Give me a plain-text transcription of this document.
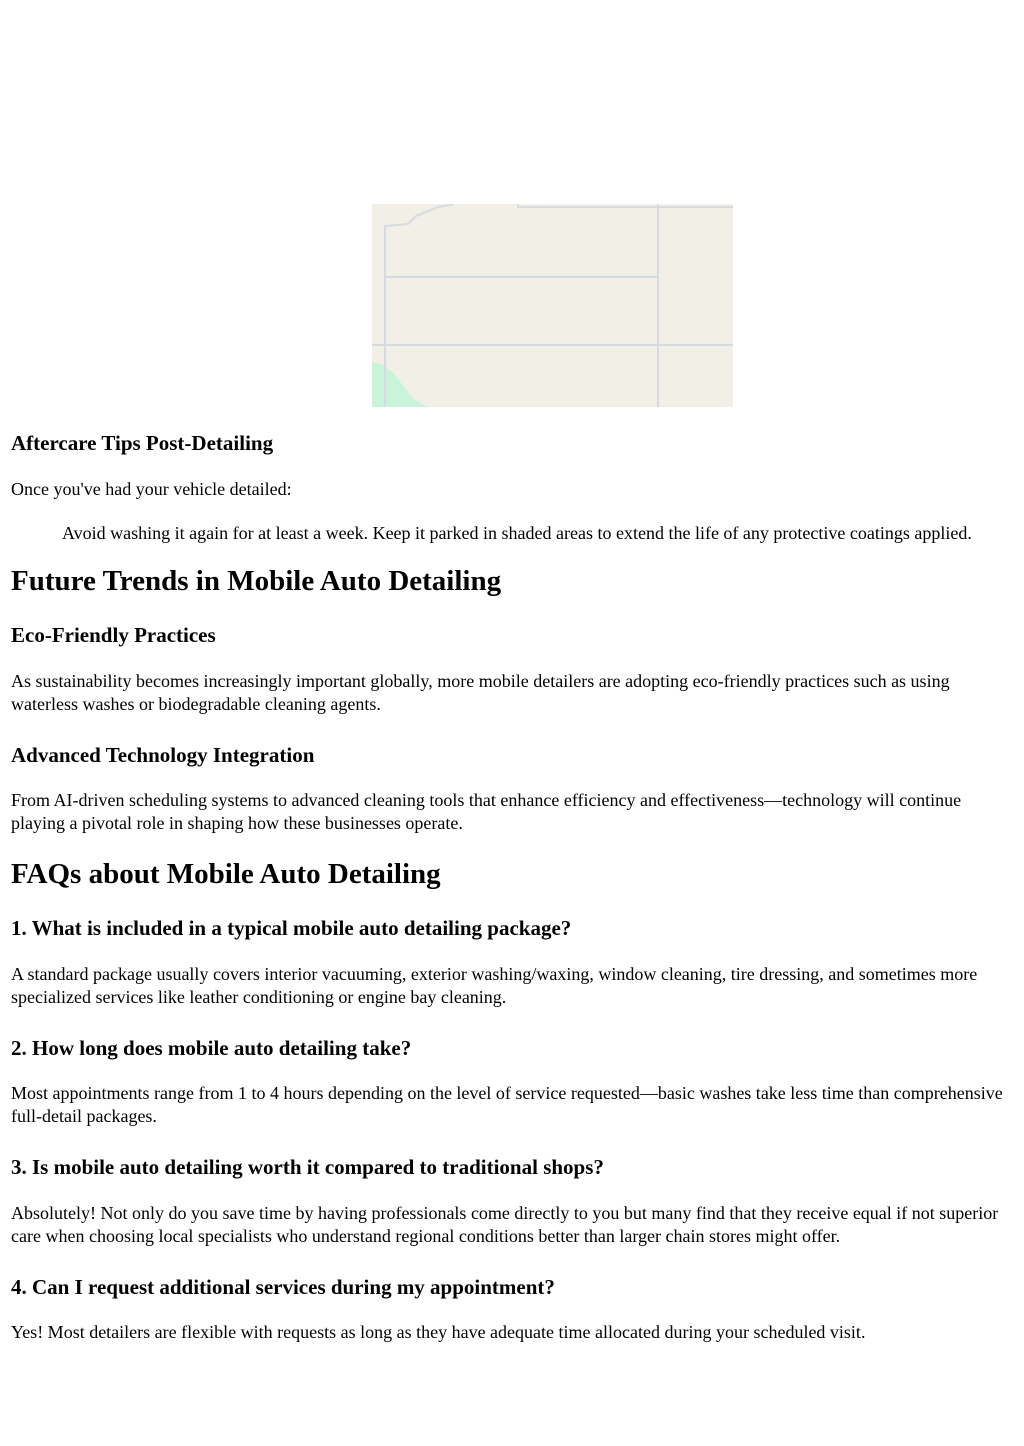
Aftercare Tips Post-Detailing

Once you've had your vehicle detailed:

Avoid washing it again for at least a week. Keep it parked in shaded areas to extend the life of any protective coatings applied.
Future Trends in Mobile Auto Detailing
Eco-Friendly Practices

As sustainability becomes increasingly important globally, more mobile detailers are adopting eco-friendly practices such as using waterless washes or biodegradable cleaning agents.

Advanced Technology Integration

From AI-driven scheduling systems to advanced cleaning tools that enhance efficiency and effectiveness—technology will continue playing a pivotal role in shaping how these businesses operate.

FAQs about Mobile Auto Detailing
1. What is included in a typical mobile auto detailing package?

A standard package usually covers interior vacuuming, exterior washing/waxing, window cleaning, tire dressing, and sometimes more specialized services like leather conditioning or engine bay cleaning.

2. How long does mobile auto detailing take?

Most appointments range from 1 to 4 hours depending on the level of service requested—basic washes take less time than comprehensive full-detail packages.

3. Is mobile auto detailing worth it compared to traditional shops?

Absolutely! Not only do you save time by having professionals come directly to you but many find that they receive equal if not superior care when choosing local specialists who understand regional conditions better than larger chain stores might offer.

4. Can I request additional services during my appointment?

Yes! Most detailers are flexible with requests as long as they have adequate time allocated during your scheduled visit.
